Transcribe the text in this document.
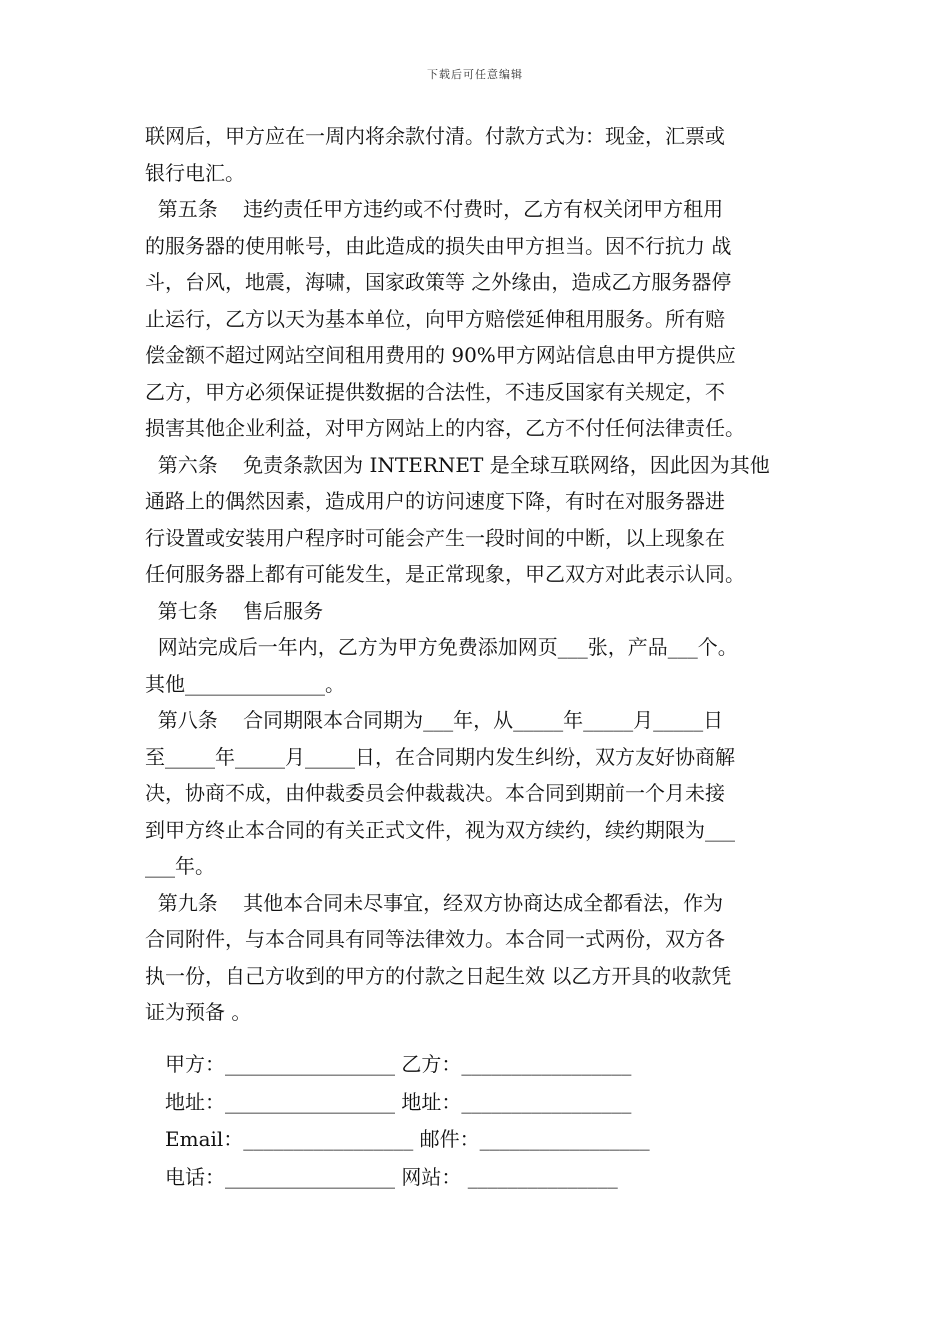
下载后可任意编辑
联网后，甲方应在一周内将余款付清。付款方式为：现金，汇票或
银行电汇。
第五条    违约责任甲方违约或不付费时，乙方有权关闭甲方租用
的服务器的使用帐号，由此造成的损失由甲方担当。因不行抗力 战
斗，台风，地震，海啸，国家政策等 之外缘由，造成乙方服务器停
止运行，乙方以天为基本单位，向甲方赔偿延伸租用服务。所有赔
偿金额不超过网站空间租用费用的 90%甲方网站信息由甲方提供应
乙方，甲方必须保证提供数据的合法性，不违反国家有关规定，不
损害其他企业利益，对甲方网站上的内容，乙方不付任何法律责任。
第六条    免责条款因为 INTERNET 是全球互联网络，因此因为其他
通路上的偶然因素，造成用户的访问速度下降，有时在对服务器进
行设置或安装用户程序时可能会产生一段时间的中断，以上现象在
任何服务器上都有可能发生，是正常现象，甲乙双方对此表示认同。
第七条    售后服务
网站完成后一年内，乙方为甲方免费添加网页___张，产品___个。
其他______________。
第八条    合同期限本合同期为___年，从_____年_____月_____日
至_____年_____月_____日，在合同期内发生纠纷，双方友好协商解
决，协商不成，由仲裁委员会仲裁裁决。本合同到期前一个月未接
到甲方终止本合同的有关正式文件，视为双方续约，续约期限为___
___年。
第九条    其他本合同未尽事宜，经双方协商达成全都看法，作为
合同附件，与本合同具有同等法律效力。本合同一式两份，双方各
执一份，自己方收到的甲方的付款之日起生效 以乙方开具的收款凭
证为预备 。
甲方：_________________ 乙方：_________________
地址：_________________ 地址：_________________
Email：_________________ 邮件：_________________
电话：_________________ 网站： _______________
